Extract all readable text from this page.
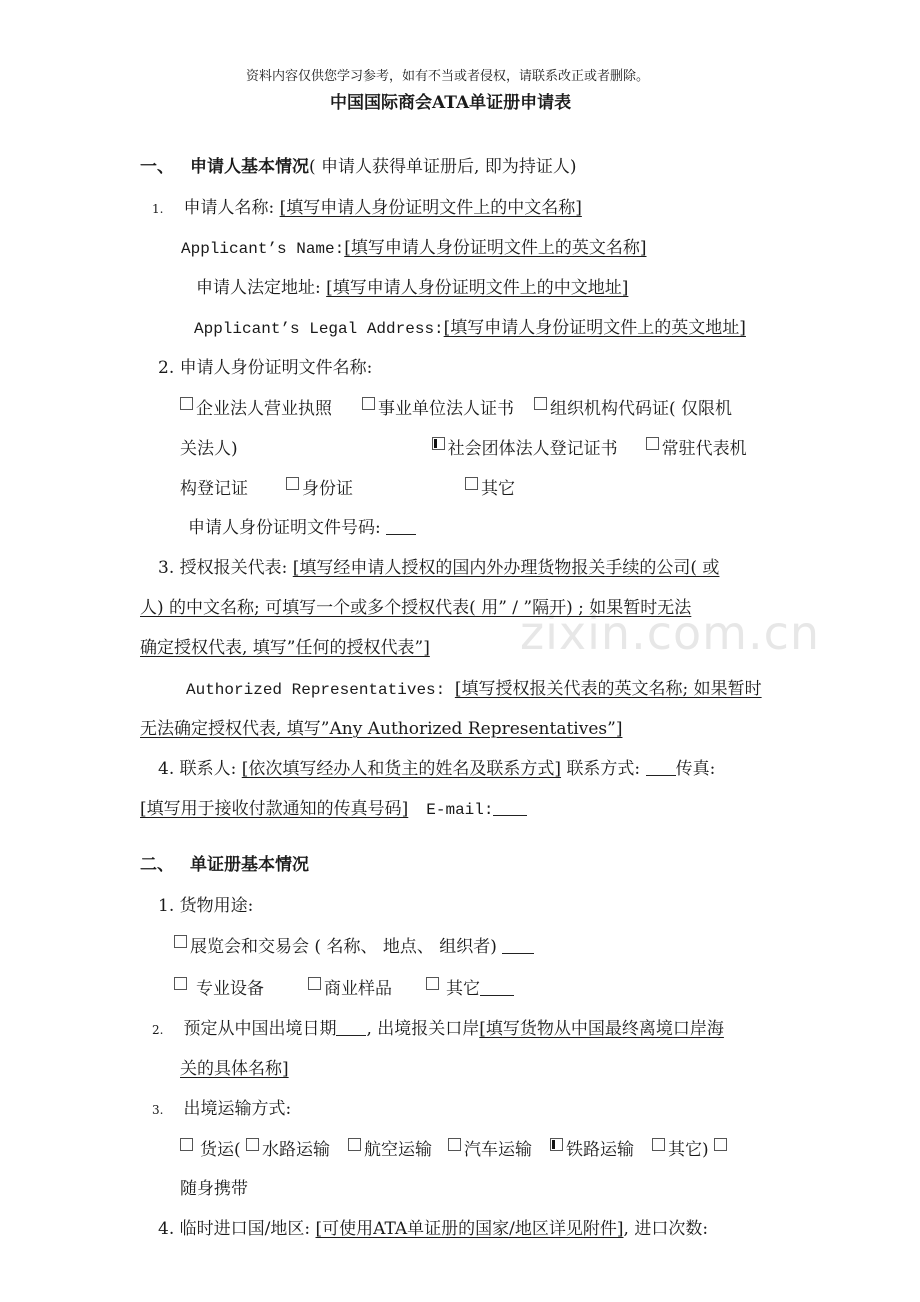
zixin.com.cn
资料内容仅供您学习参考，如有不当或者侵权，请联系改正或者删除。
中国国际商会ATA单证册申请表
一、 申请人基本情况( 申请人获得单证册后, 即为持证人)
1. 申请人名称: [填写申请人身份证明文件上的中文名称]
Applicant’s Name:[填写申请人身份证明文件上的英文名称]
申请人法定地址: [填写申请人身份证明文件上的中文地址]
Applicant’s Legal Address:[填写申请人身份证明文件上的英文地址]
2. 申请人身份证明文件名称:
企业法人营业执照	事业单位法人证书 组织机构代码证( 仅限机
关法人)	社会团体法人登记证书	常驻代表机
构登记证	身份证	其它
申请人身份证明文件号码:
3. 授权报关代表: [填写经申请人授权的国内外办理货物报关手续的公司( 或
人) 的中文名称; 可填写一个或多个授权代表( 用” / ”隔开) ; 如果暂时无法
确定授权代表, 填写”任何的授权代表”]
Authorized Representatives: [填写授权报关代表的英文名称; 如果暂时
无法确定授权代表, 填写”Any Authorized Representatives”]
4. 联系人: [依次填写经办人和货主的姓名及联系方式] 联系方式: 传真:
[填写用于接收付款通知的传真号码] E-mail:
二、 单证册基本情况
1. 货物用途:
展览会和交易会 ( 名称、 地点、 组织者)
专业设备	商业样品	其它
2. 预定从中国出境日期 , 出境报关口岸[填写货物从中国最终离境口岸海
关的具体名称]
3. 出境运输方式:
货运( 水路运输 航空运输 汽车运输 铁路运输 其它)
随身携带
4. 临时进口国/地区: [可使用ATA单证册的国家/地区详见附件], 进口次数:
